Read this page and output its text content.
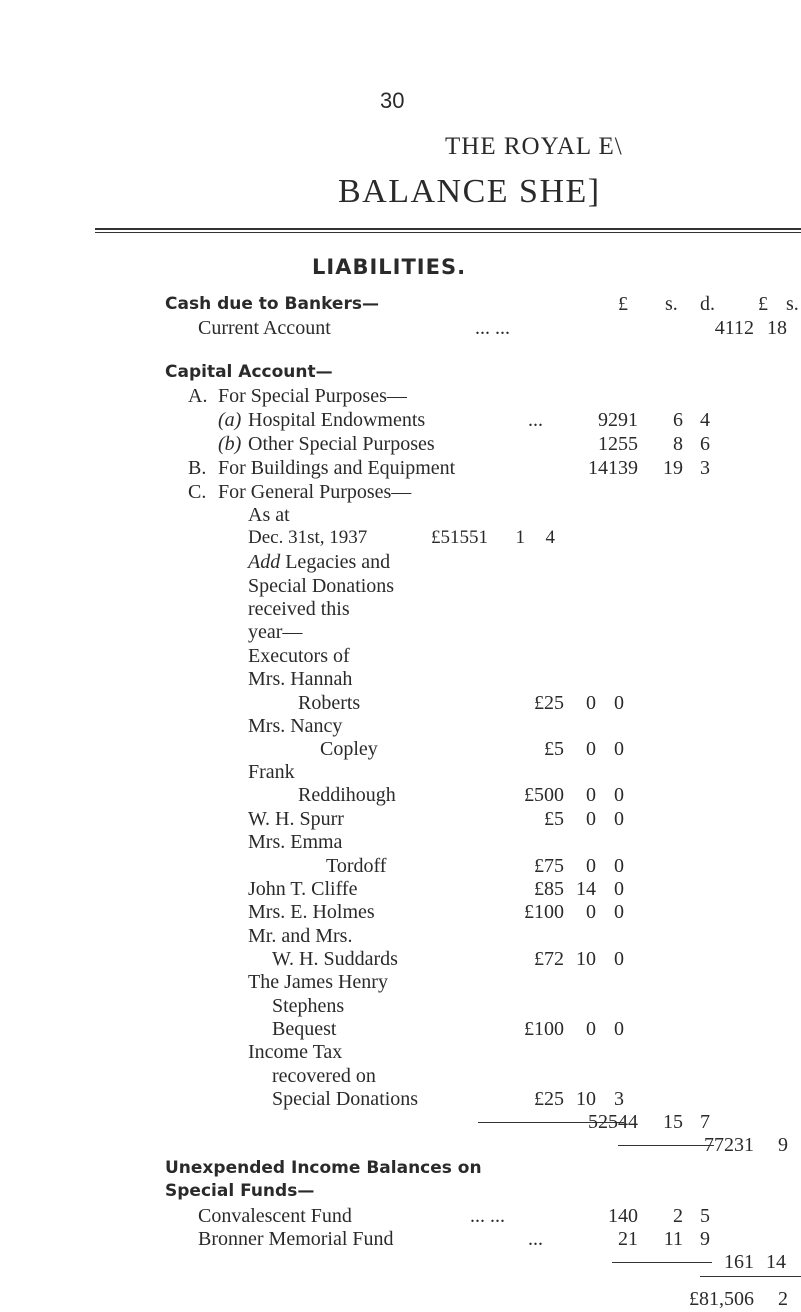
30
THE ROYAL E\
BALANCE SHE]
LIABILITIES.
£ s. d. £ s.
Cash due to Bankers—
Current Account	... ...	4112 18
Capital Account—
A. For Special Purposes—
(a) Hospital Endowments	...	9291	6 4
(b) Other Special Purposes	1255	8 6
B. For Buildings and Equipment	14139	19 3
C. For General Purposes—
As at
Dec. 31st, 1937	£51551	1	4
Add Legacies and
Special Donations
received this
year—
Executors of
Mrs. Hannah
Roberts	£25	0 0
Mrs. Nancy
Copley	£5	0 0
Frank
Reddihough	£500	0 0
W. H. Spurr	£5	0 0
Mrs. Emma
Tordoff	£75	0 0
John T. Cliffe	£85 14 0
Mrs. E. Holmes	£100	0 0
Mr. and Mrs.
W. H. Suddards	£72 10 0
The James Henry
Stephens
Bequest	£100	0 0
Income Tax
recovered on
Special Donations	£25 10 3
52544	15 7
77231 9
Unexpended Income Balances on
Special Funds—
Convalescent Fund	... ...	140	2 5
Bronner Memorial Fund	...	21	11 9
161 14
£81,506 2
